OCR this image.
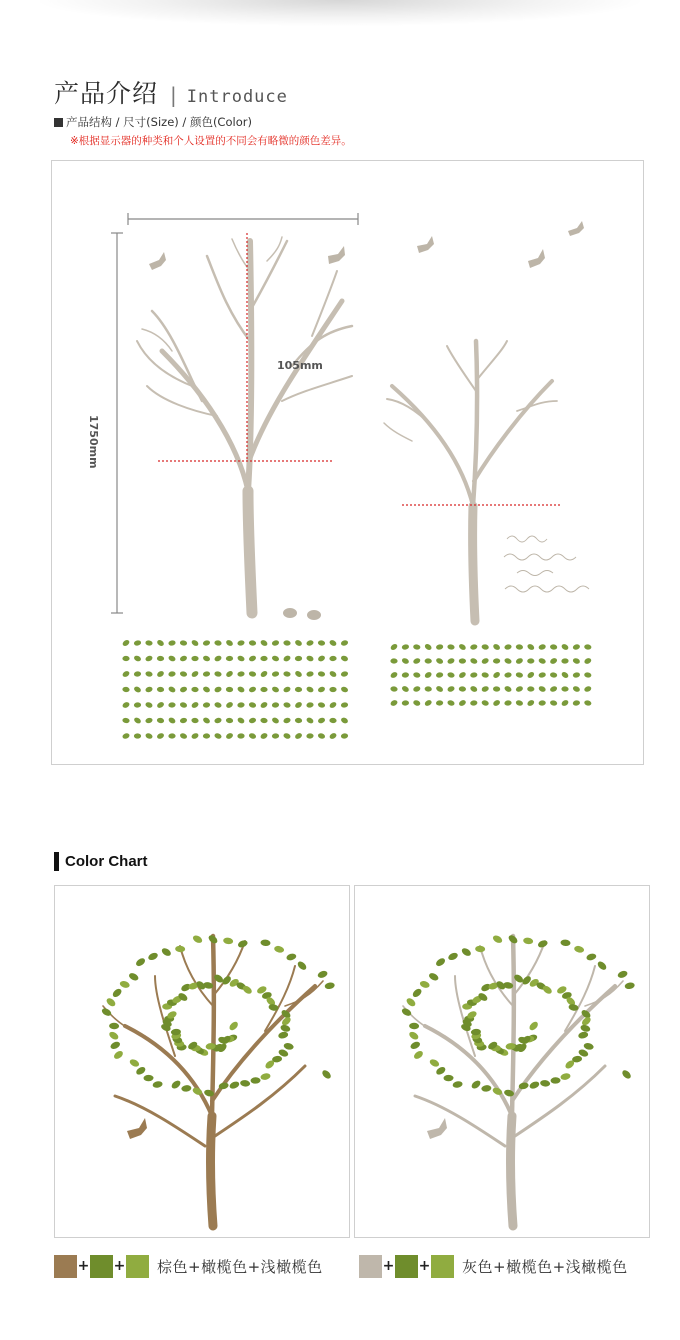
产品介绍 | Introduce
产品结构 / 尺寸(Size) / 颜色(Color)
※根据显示器的种类和个人设置的不同会有略微的颜色差异。
105mm
1750mm
Color Chart
+ + 棕色+橄榄色+浅橄榄色	+ + 灰色+橄榄色+浅橄榄色
